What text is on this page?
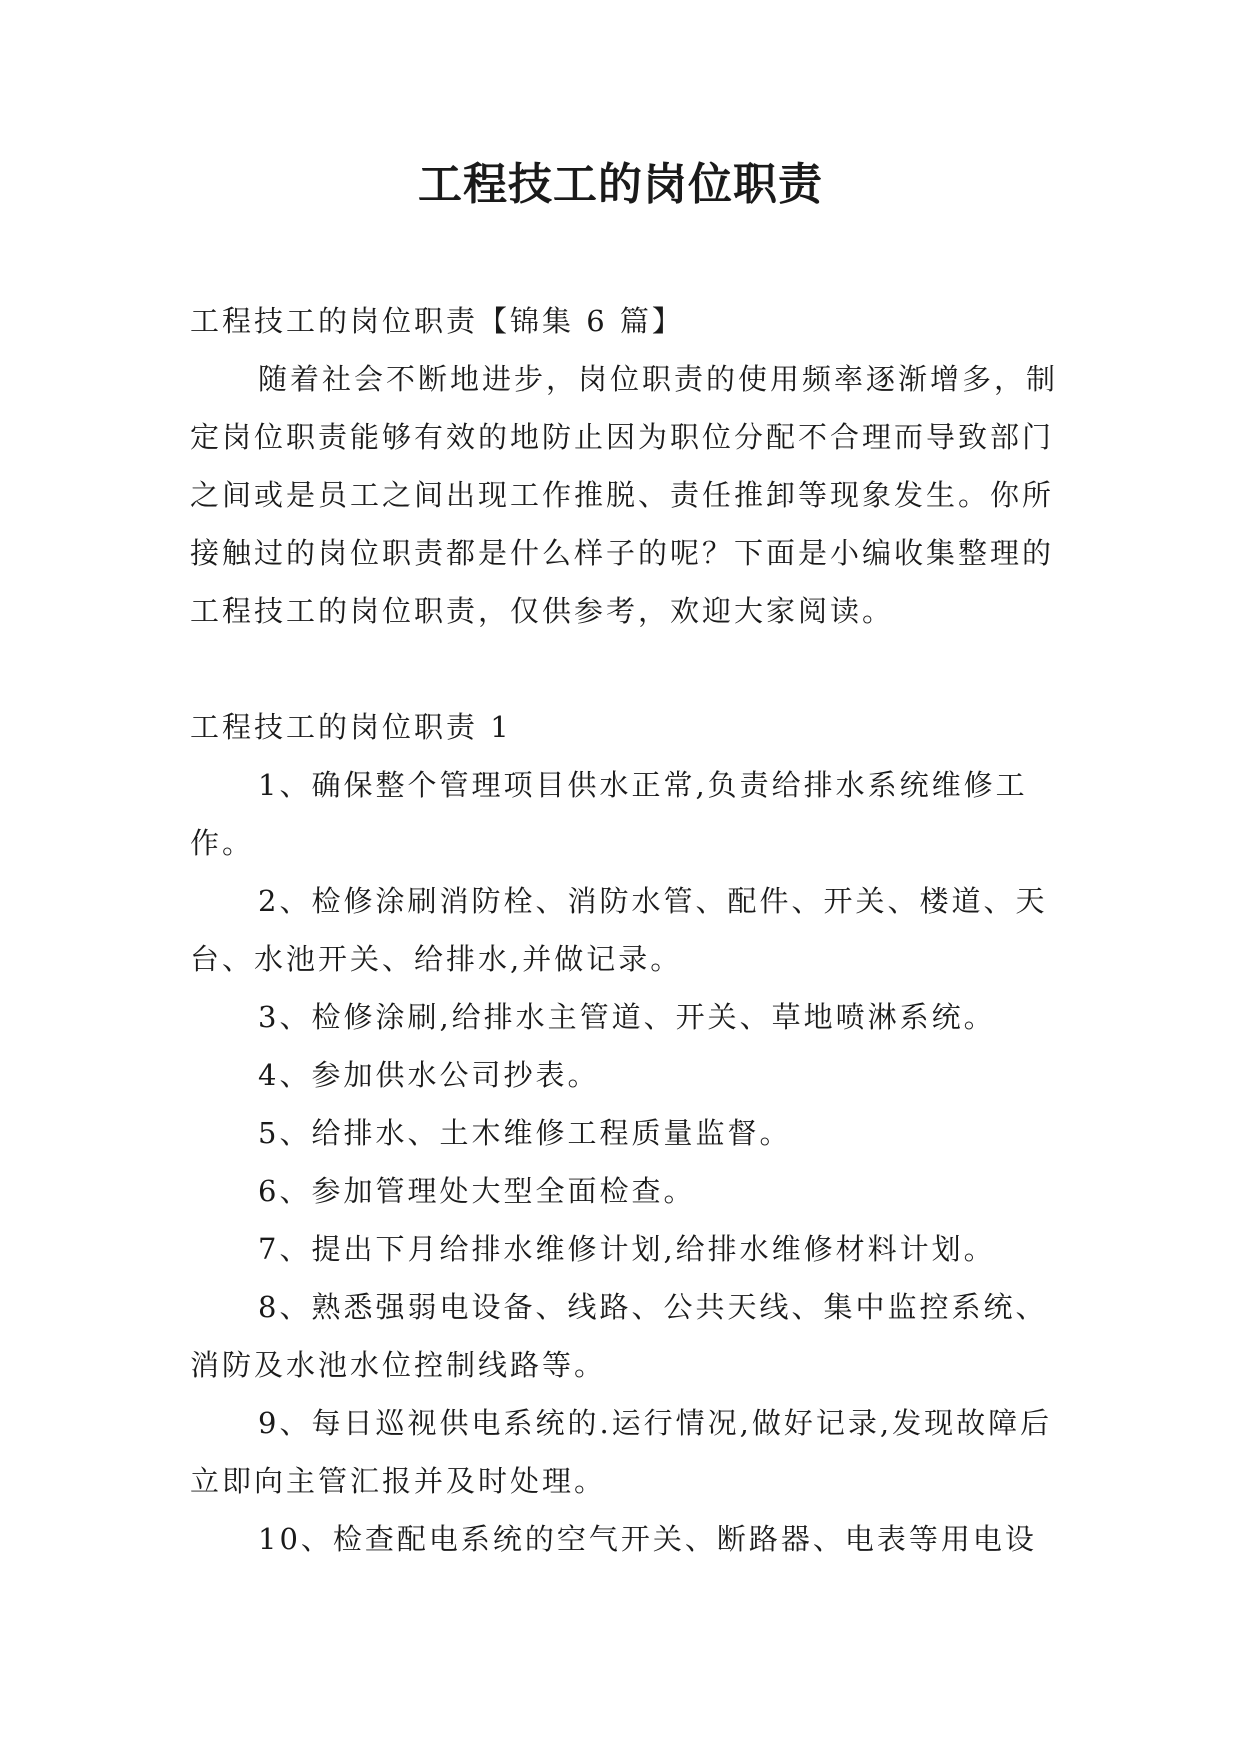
工程技工的岗位职责

工程技工的岗位职责【锦集 6 篇】

随着社会不断地进步，岗位职责的使用频率逐渐增多，制定岗位职责能够有效的地防止因为职位分配不合理而导致部门之间或是员工之间出现工作推脱、责任推卸等现象发生。你所接触过的岗位职责都是什么样子的呢？下面是小编收集整理的工程技工的岗位职责，仅供参考，欢迎大家阅读。

工程技工的岗位职责 1

1、确保整个管理项目供水正常,负责给排水系统维修工作。

2、检修涂刷消防栓、消防水管、配件、开关、楼道、天台、水池开关、给排水,并做记录。

3、检修涂刷,给排水主管道、开关、草地喷淋系统。

4、参加供水公司抄表。

5、给排水、土木维修工程质量监督。

6、参加管理处大型全面检查。

7、提出下月给排水维修计划,给排水维修材料计划。

8、熟悉强弱电设备、线路、公共天线、集中监控系统、消防及水池水位控制线路等。

9、每日巡视供电系统的.运行情况,做好记录,发现故障后立即向主管汇报并及时处理。

10、检查配电系统的空气开关、断路器、电表等用电设
